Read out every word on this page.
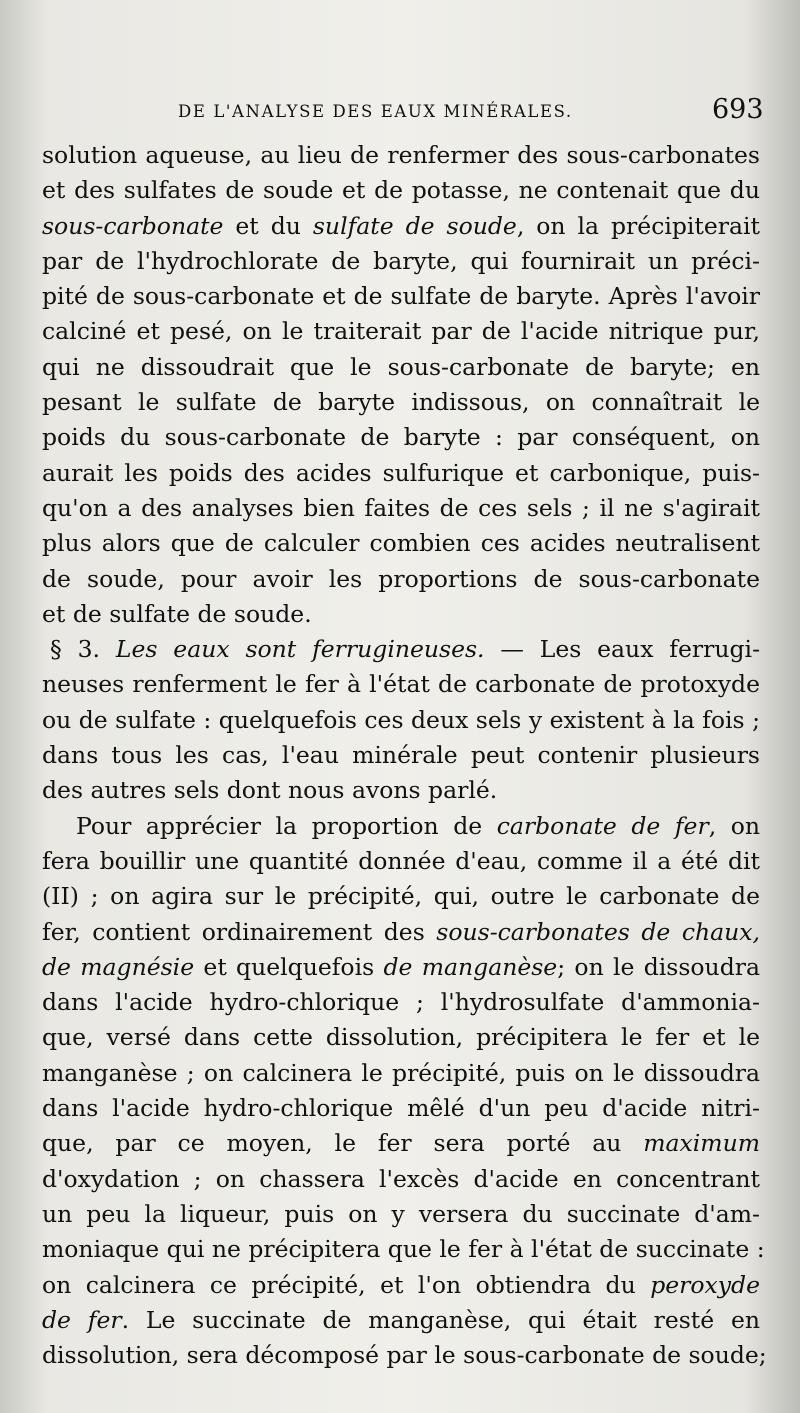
DE L'ANALYSE DES EAUX MINÉRALES.	693
solution aqueuse, au lieu de renfermer des sous-carbonates
et des sulfates de soude et de potasse, ne contenait que du
sous-carbonate et du sulfate de soude, on la précipiterait
par de l'hydrochlorate de baryte, qui fournirait un préci-
pité de sous-carbonate et de sulfate de baryte. Après l'avoir
calciné et pesé, on le traiterait par de l'acide nitrique pur,
qui ne dissoudrait que le sous-carbonate de baryte; en
pesant le sulfate de baryte indissous, on connaîtrait le
poids du sous-carbonate de baryte : par conséquent, on
aurait les poids des acides sulfurique et carbonique, puis-
qu'on a des analyses bien faites de ces sels ; il ne s'agirait
plus alors que de calculer combien ces acides neutralisent
de soude, pour avoir les proportions de sous-carbonate
et de sulfate de soude.
§ 3. Les eaux sont ferrugineuses. — Les eaux ferrugi-
neuses renferment le fer à l'état de carbonate de protoxyde
ou de sulfate : quelquefois ces deux sels y existent à la fois ;
dans tous les cas, l'eau minérale peut contenir plusieurs
des autres sels dont nous avons parlé.
Pour apprécier la proportion de carbonate de fer, on
fera bouillir une quantité donnée d'eau, comme il a été dit
(II) ; on agira sur le précipité, qui, outre le carbonate de
fer, contient ordinairement des sous-carbonates de chaux,
de magnésie et quelquefois de manganèse; on le dissoudra
dans l'acide hydro-chlorique ; l'hydrosulfate d'ammonia-
que, versé dans cette dissolution, précipitera le fer et le
manganèse ; on calcinera le précipité, puis on le dissoudra
dans l'acide hydro-chlorique mêlé d'un peu d'acide nitri-
que, par ce moyen, le fer sera porté au maximum
d'oxydation ; on chassera l'excès d'acide en concentrant
un peu la liqueur, puis on y versera du succinate d'am-
moniaque qui ne précipitera que le fer à l'état de succinate :
on calcinera ce précipité, et l'on obtiendra du peroxyde
de fer. Le succinate de manganèse, qui était resté en
dissolution, sera décomposé par le sous-carbonate de soude;
